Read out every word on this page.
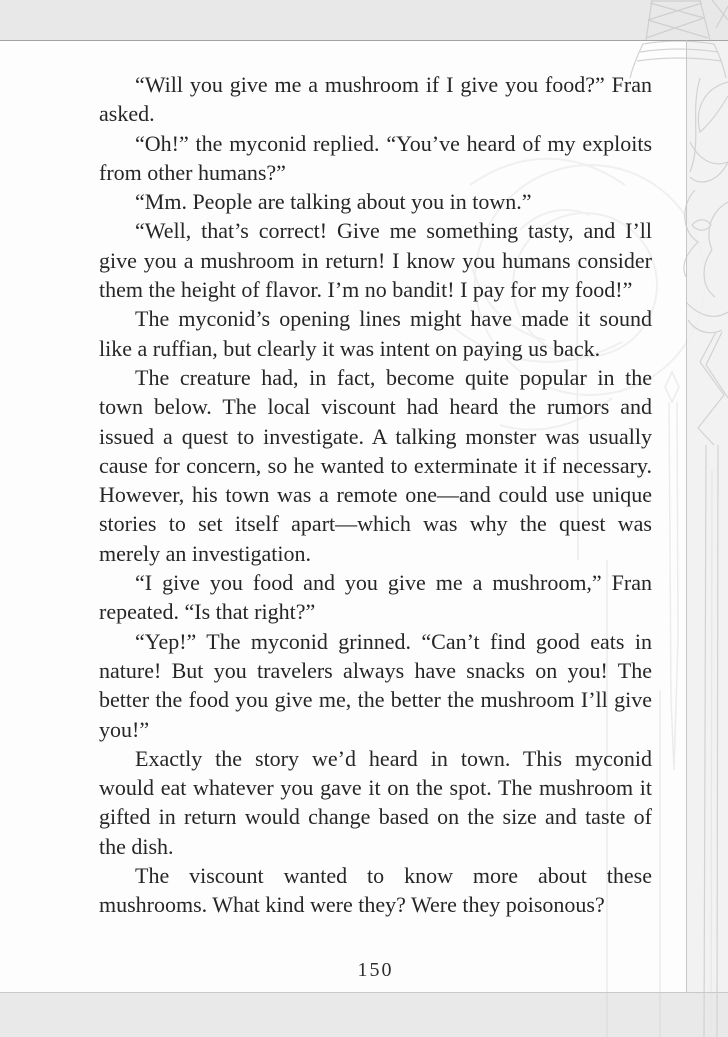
“Will you give me a mushroom if I give you food?” Fran asked.

“Oh!” the myconid replied. “You’ve heard of my exploits from other humans?”

“Mm. People are talking about you in town.”

“Well, that’s correct! Give me something tasty, and I’ll give you a mushroom in return! I know you humans consider them the height of flavor. I’m no bandit! I pay for my food!”

The myconid’s opening lines might have made it sound like a ruffian, but clearly it was intent on paying us back.

The creature had, in fact, become quite popular in the town below. The local viscount had heard the rumors and issued a quest to investigate. A talking monster was usually cause for concern, so he wanted to exterminate it if necessary. However, his town was a remote one—and could use unique stories to set itself apart—which was why the quest was merely an investigation.

“I give you food and you give me a mushroom,” Fran repeated. “Is that right?”

“Yep!” The myconid grinned. “Can’t find good eats in nature! But you travelers always have snacks on you! The better the food you give me, the better the mushroom I’ll give you!”

Exactly the story we’d heard in town. This myconid would eat whatever you gave it on the spot. The mushroom it gifted in return would change based on the size and taste of the dish.

The viscount wanted to know more about these mushrooms. What kind were they? Were they poisonous?

150
